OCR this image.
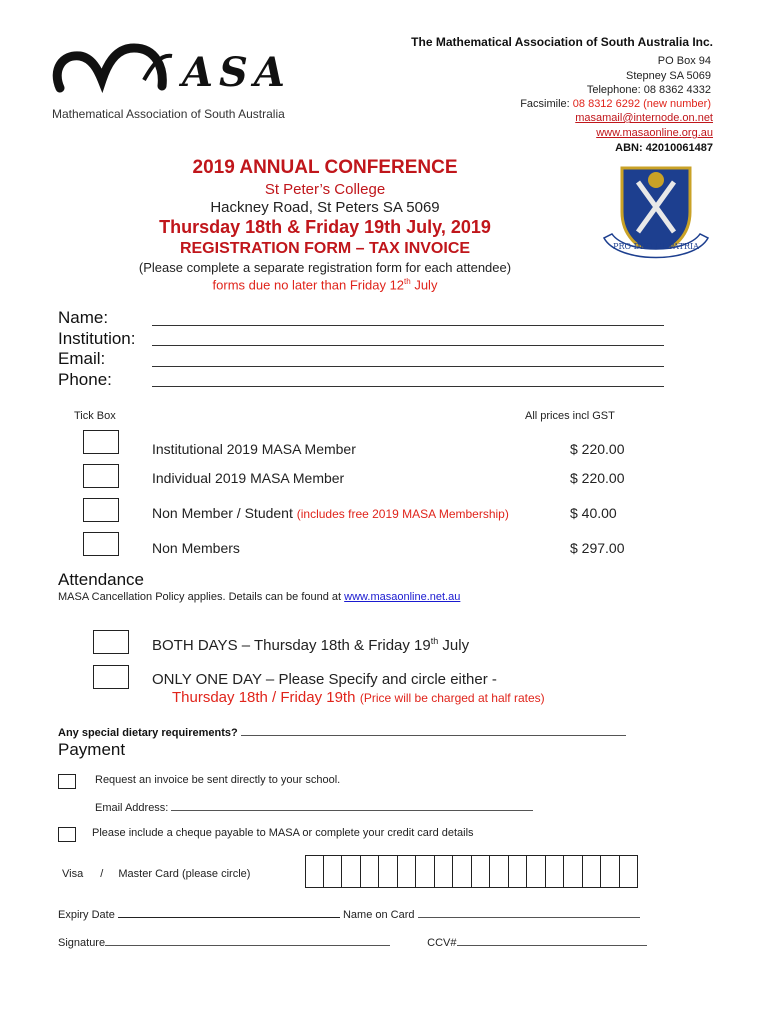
ASA
Mathematical Association of South Australia
The Mathematical Association of South Australia Inc.
PO Box 94
Stepney SA 5069
Telephone: 08 8362 4332
Facsimile: 08 8312 6292 (new number)
masamail@internode.on.net
www.masaonline.org.au
ABN: 42010061487
PRO DEO ET PATRIA
2019 ANNUAL CONFERENCE
St Peter’s College
Hackney Road, St Peters SA 5069
Thursday 18th & Friday 19th July, 2019
REGISTRATION FORM – TAX INVOICE
(Please complete a separate registration form for each attendee)
forms due no later than Friday 12th July
Name:
Institution:
Email:
Phone:
Tick Box	All prices incl GST
Institutional 2019 MASA Member	$ 220.00
Individual 2019 MASA Member	$ 220.00
Non Member / Student (includes free 2019 MASA Membership)	$ 40.00
Non Members	$ 297.00
Attendance
MASA Cancellation Policy applies. Details can be found at www.masaonline.net.au
BOTH DAYS – Thursday 18th & Friday 19th July
ONLY ONE DAY – Please Specify and circle either -
Thursday 18th / Friday 19th (Price will be charged at half rates)
Any special dietary requirements?
Payment
Request an invoice be sent directly to your school.
Email Address:
Please include a cheque payable to MASA or complete your credit card details
Visa / Master Card (please circle)
Expiry Date	Name on Card
Signature	CCV#
